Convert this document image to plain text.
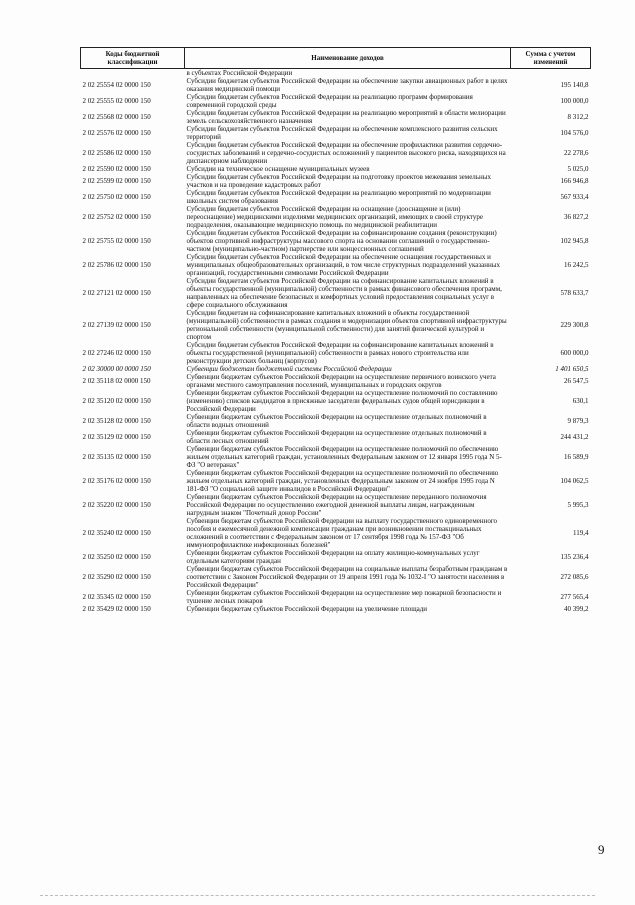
Коды бюджетной классификации	Наименование доходов	Сумма с учетом изменений
	в субъектах Российской Федерации	
2 02 25554 02 0000 150	Субсидии бюджетам субъектов Российской Федерации на обеспечение закупки авиационных работ в целях оказания медицинской помощи	195 140,8
2 02 25555 02 0000 150	Субсидии бюджетам субъектов Российской Федерации на реализацию программ формирования современной городской среды	100 000,0
2 02 25568 02 0000 150	Субсидии бюджетам субъектов Российской Федерации на реализацию мероприятий в области мелиорации земель сельскохозяйственного назначения	8 312,2
2 02 25576 02 0000 150	Субсидии бюджетам субъектов Российской Федерации на обеспечение комплексного развития сельских территорий	104 576,0
2 02 25586 02 0000 150	Субсидии бюджетам субъектов Российской Федерации на обеспечение профилактики развития сердечно-сосудистых заболеваний и сердечно-сосудистых осложнений у пациентов высокого риска, находящихся на диспансерном наблюдении	22 278,6
2 02 25590 02 0000 150	Субсидии на техническое оснащение муниципальных музеев	5 025,0
2 02 25599 02 0000 150	Субсидии бюджетам субъектов Российской Федерации на подготовку проектов межевания земельных участков и на проведение кадастровых работ	166 946,8
2 02 25750 02 0000 150	Субсидии бюджетам субъектов Российской Федерации на реализацию мероприятий по модернизации школьных систем образования	567 933,4
2 02 25752 02 0000 150	Субсидии бюджетам субъектов Российской Федерации на оснащение (дооснащение и (или) переоснащение) медицинскими изделиями медицинских организаций, имеющих в своей структуре подразделения, оказывающие медицинскую помощь по медицинской реабилитации	36 827,2
2 02 25755 02 0000 150	Субсидии бюджетам субъектов Российской Федерации на софинансирование создания (реконструкции) объектов спортивной инфраструктуры массового спорта на основании соглашений о государственно-частном (муниципально-частном) партнерстве или концессионных соглашений	102 945,8
2 02 25786 02 0000 150	Субсидии бюджетам субъектов Российской Федерации на обеспечение оснащения государственных и муниципальных общеобразовательных организаций, в том числе структурных подразделений указанных организаций, государственными символами Российской Федерации	16 242,5
2 02 27121 02 0000 150	Субсидии бюджетам субъектов Российской Федерации на софинансирование капитальных вложений в объекты государственной (муниципальной) собственности в рамках финансового обеспечения программ, направленных на обеспечение безопасных и комфортных условий предоставления социальных услуг в сфере социального обслуживания	578 633,7
2 02 27139 02 0000 150	Субсидии бюджетам на софинансирование капитальных вложений в объекты государственной (муниципальной) собственности в рамках создания и модернизации объектов спортивной инфраструктуры региональной собственности (муниципальной собственности) для занятий физической культурой и спортом	229 300,8
2 02 27246 02 0000 150	Субсидии бюджетам субъектов Российской Федерации на софинансирование капитальных вложений в объекты государственной (муниципальной) собственности в рамках нового строительства или реконструкции детских больниц (корпусов)	600 000,0
2 02 30000 00 0000 150	Субвенции бюджетам бюджетной системы Российской Федерации	1 401 650,5
2 02 35118 02 0000 150	Субвенции бюджетам субъектов Российской Федерации на осуществление первичного воинского учета органами местного самоуправления поселений, муниципальных и городских округов	26 547,5
2 02 35120 02 0000 150	Субвенции бюджетам субъектов Российской Федерации на осуществление полномочий по составлению (изменению) списков кандидатов в присяжные заседатели федеральных судов общей юрисдикции в Российской Федерации	630,1
2 02 35128 02 0000 150	Субвенции бюджетам субъектов Российской Федерации на осуществление отдельных полномочий в области водных отношений	9 879,3
2 02 35129 02 0000 150	Субвенции бюджетам субъектов Российской Федерации на осуществление отдельных полномочий в области лесных отношений	244 431,2
2 02 35135 02 0000 150	Субвенции бюджетам субъектов Российской Федерации на осуществление полномочий по обеспечению жильем отдельных категорий граждан, установленных Федеральным законом от 12 января 1995 года N 5-ФЗ "О ветеранах"	16 589,9
2 02 35176 02 0000 150	Субвенции бюджетам субъектов Российской Федерации на осуществление полномочий по обеспечению жильем отдельных категорий граждан, установленных Федеральным законом от 24 ноября 1995 года N 181-ФЗ "О социальной защите инвалидов в Российской Федерации"	104 062,5
2 02 35220 02 0000 150	Субвенции бюджетам субъектов Российской Федерации на осуществление переданного полномочия Российской Федерации по осуществлению ежегодной денежной выплаты лицам, награжденным нагрудным знаком "Почетный донор России"	5 995,3
2 02 35240 02 0000 150	Субвенции бюджетам субъектов Российской Федерации на выплату государственного единовременного пособия и ежемесячной денежной компенсации гражданам при возникновении поствакцинальных осложнений в соответствии с Федеральным законом от 17 сентября 1998 года № 157-ФЗ "Об иммунопрофилактике инфекционных болезней"	119,4
2 02 35250 02 0000 150	Субвенции бюджетам субъектов Российской Федерации на оплату жилищно-коммунальных услуг отдельным категориям граждан	135 236,4
2 02 35290 02 0000 150	Субвенции бюджетам субъектов Российской Федерации на социальные выплаты безработным гражданам в соответствии с Законом Российской Федерации от 19 апреля 1991 года № 1032-I "О занятости населения в Российской Федерации"	272 085,6
2 02 35345 02 0000 150	Субвенции бюджетам субъектов Российской Федерации на осуществление мер пожарной безопасности и тушение лесных пожаров	277 565,4
2 02 35429 02 0000 150	Субвенции бюджетам субъектов Российской Федерации на увеличение площади	40 399,2
9
